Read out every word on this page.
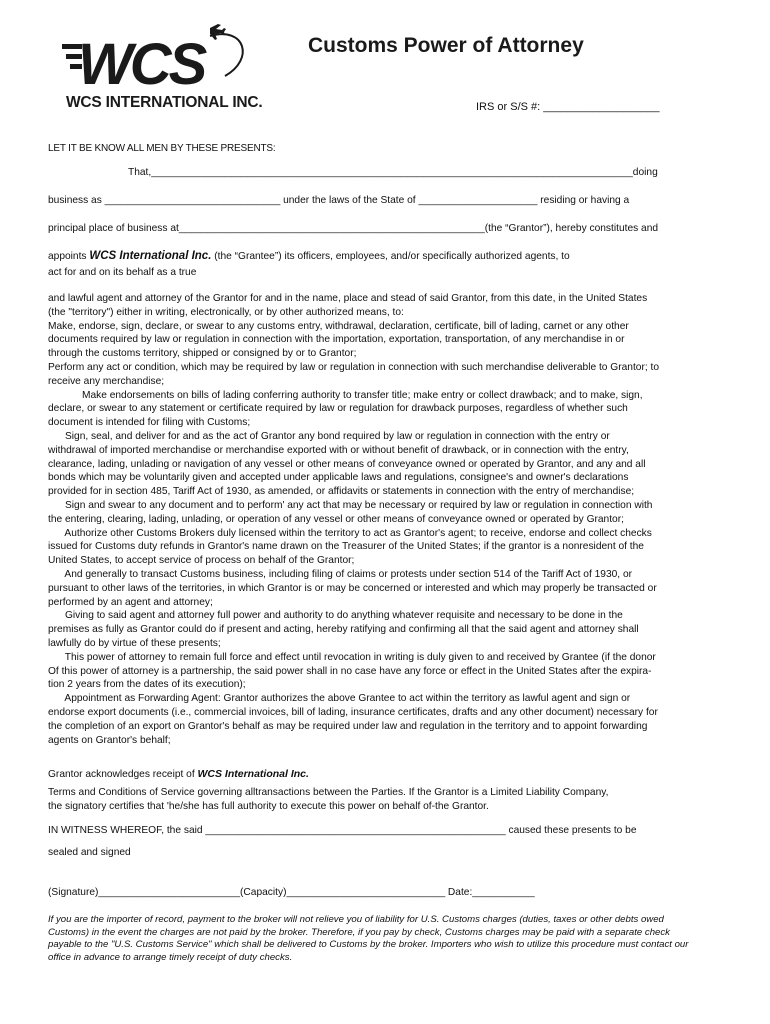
WCS
WCS INTERNATIONAL INC.
Customs Power of Attorney
IRS or S/S #: ___________________
LET IT BE KNOW ALL MEN BY THESE PRESENTS:
That,_____________________________________________________________________________________doing
business as _______________________________ under the laws of the State of _____________________ residing or having a
principal place of business at______________________________________________________(the “Grantor”), hereby constitutes and
appoints WCS International Inc. (the “Grantee”) its officers, employees, and/or specifically authorized agents, to
act for and on its behalf as a true
and lawful agent and attorney of the Grantor for and in the name, place and stead of said Grantor, from this date, in the United States
(the "territory") either in writing, electronically, or by other authorized means, to:
Make, endorse, sign, declare, or swear to any customs entry, withdrawal, declaration, certificate, bill of lading, carnet or any other
documents required by law or regulation in connection with the importation, exportation, transportation, of any merchandise in or
through the customs territory, shipped or consigned by or to Grantor;
Perform any act or condition, which may be required by law or regulation in connection with such merchandise deliverable to Grantor; to
receive any merchandise;
Make endorsements on bills of lading conferring authority to transfer title; make entry or collect drawback; and to make, sign,
declare, or swear to any statement or certificate required by law or regulation for drawback purposes, regardless of whether such
document is intended for filing with Customs;
Sign, seal, and deliver for and as the act of Grantor any bond required by law or regulation in connection with the entry or
withdrawal of imported merchandise or merchandise exported with or without benefit of drawback, or in connection with the entry,
clearance, lading, unlading or navigation of any vessel or other means of conveyance owned or operated by Grantor, and any and all
bonds which may be voluntarily given and accepted under applicable laws and regulations, consignee's and owner's declarations
provided for in section 485, Tariff Act of 1930, as amended, or affidavits or statements in connection with the entry of merchandise;
Sign and swear to any document and to perform' any act that may be necessary or required by law or regulation in connection with
the entering, clearing, lading, unlading, or operation of any vessel or other means of conveyance owned or operated by Grantor;
Authorize other Customs Brokers duly licensed within the territory to act as Grantor's agent; to receive, endorse and collect checks
issued for Customs duty refunds in Grantor's name drawn on the Treasurer of the United States; if the grantor is a nonresident of the
United States, to accept service of process on behalf of the Grantor;
And generally to transact Customs business, including filing of claims or protests under section 514 of the Tariff Act of 1930, or
pursuant to other laws of the territories, in which Grantor is or may be concerned or interested and which may properly be transacted or
performed by an agent and attorney;
Giving to said agent and attorney full power and authority to do anything whatever requisite and necessary to be done in the
premises as fully as Grantor could do if present and acting, hereby ratifying and confirming all that the said agent and attorney shall
lawfully do by virtue of these presents;
This power of attorney to remain full force and effect until revocation in writing is duly given to and received by Grantee (if the donor
Of this power of attorney is a partnership, the said power shall in no case have any force or effect in the United States after the expira-
tion 2 years from the dates of its execution);
Appointment as Forwarding Agent: Grantor authorizes the above Grantee to act within the territory as lawful agent and sign or
endorse export documents (i.e., commercial invoices, bill of lading, insurance certificates, drafts and any other document) necessary for
the completion of an export on Grantor's behalf as may be required under law and regulation in the territory and to appoint forwarding
agents on Grantor's behalf;
Grantor acknowledges receipt of WCS International Inc.
Terms and Conditions of Service governing alltransactions between the Parties. If the Grantor is a Limited Liability Company,
the signatory certifies that 'he/she has full authority to execute this power on behalf of-the Grantor.
IN WITNESS WHEREOF, the said _____________________________________________________ caused these presents to be
sealed and signed
(Signature)_________________________(Capacity)____________________________ Date:___________
If you are the importer of record, payment to the broker will not relieve you of liability for U.S. Customs charges (duties, taxes or other debts owed
Customs) in the event the charges are not paid by the broker. Therefore, if you pay by check, Customs charges may be paid with a separate check
payable to the "U.S. Customs Service" which shall be delivered to Customs by the broker. Importers who wish to utilize this procedure must contact our
office in advance to arrange timely receipt of duty checks.
